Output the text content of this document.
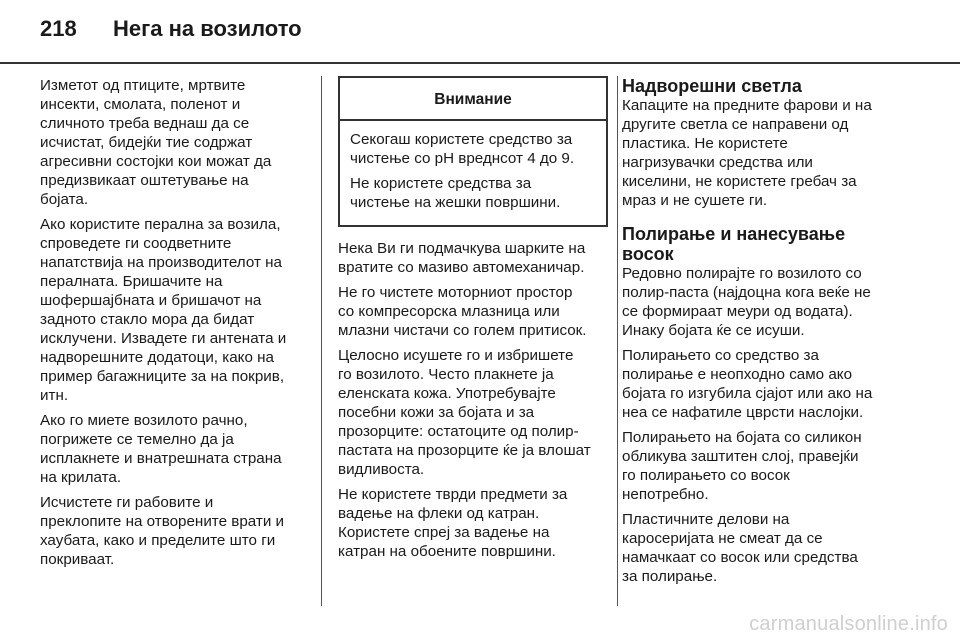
218	Нега на возилото

Изметот од птиците, мртвите
инсекти, смолата, поленот и
сличното треба веднаш да се
исчистат, бидејќи тие содржат
агресивни состојки кои можат да
предизвикаат оштетување на
бојата.

Ако користите перална за возила,
спроведете ги соодветните
напатствија на производителот на
пералната. Бришачите на
шофершајбната и бришачот на
задното стакло мора да бидат
исклучени. Извадете ги антената и
надворешните додатоци, како на
пример багажниците за на покрив,
итн.

Ако го миете возилото рачно,
погрижете се темелно да ја
исплакнете и внатрешната страна
на крилата.

Исчистете ги рабовите и
преклопите на отворените врати и
хаубата, како и пределите што ги
покриваат.

Внимание

Секогаш користете средство за
чистење со pH вреднсот 4 до 9.

Не користете средства за
чистење на жешки површини.

Нека Ви ги подмачкува шарките на
вратите со мазиво автомеханичар.

Не го чистете моторниот простор
со компресорска млазница или
млазни чистачи со голем притисок.

Целосно исушете го и избришете
го возилото. Често плакнете ја
еленската кожа. Употребувајте
посебни кожи за бојата и за
прозорците: остатоците од полир-
пастата на прозорците ќе ја влошат
видливоста.

Не користете тврди предмети за
вадење на флеки од катран.
Користете спреј за вадење на
катран на обоените површини.

Надворешни светла

Капаците на предните фарови и на
другите светла се направени од
пластика. Не користете
нагризувачки средства или
киселини, не користете гребач за
мраз и не сушете ги.

Полирање и нанесување
восок

Редовно полирајте го возилото со
полир-паста (најдоцна кога веќе не
се формираат меури од водата).
Инаку бојата ќе се исуши.

Полирањето со средство за
полирање е неопходно само ако
бојата го изгубила сјајот или ако на
неа се нафатиле цврсти наслојки.

Полирањето на бојата со силикон
обликува заштитен слој, правејќи
го полирањето со восок
непотребно.

Пластичните делови на
каросеријата не смеат да се
намачкаат со восок или средства
за полирање.

carmanualsonline.info
